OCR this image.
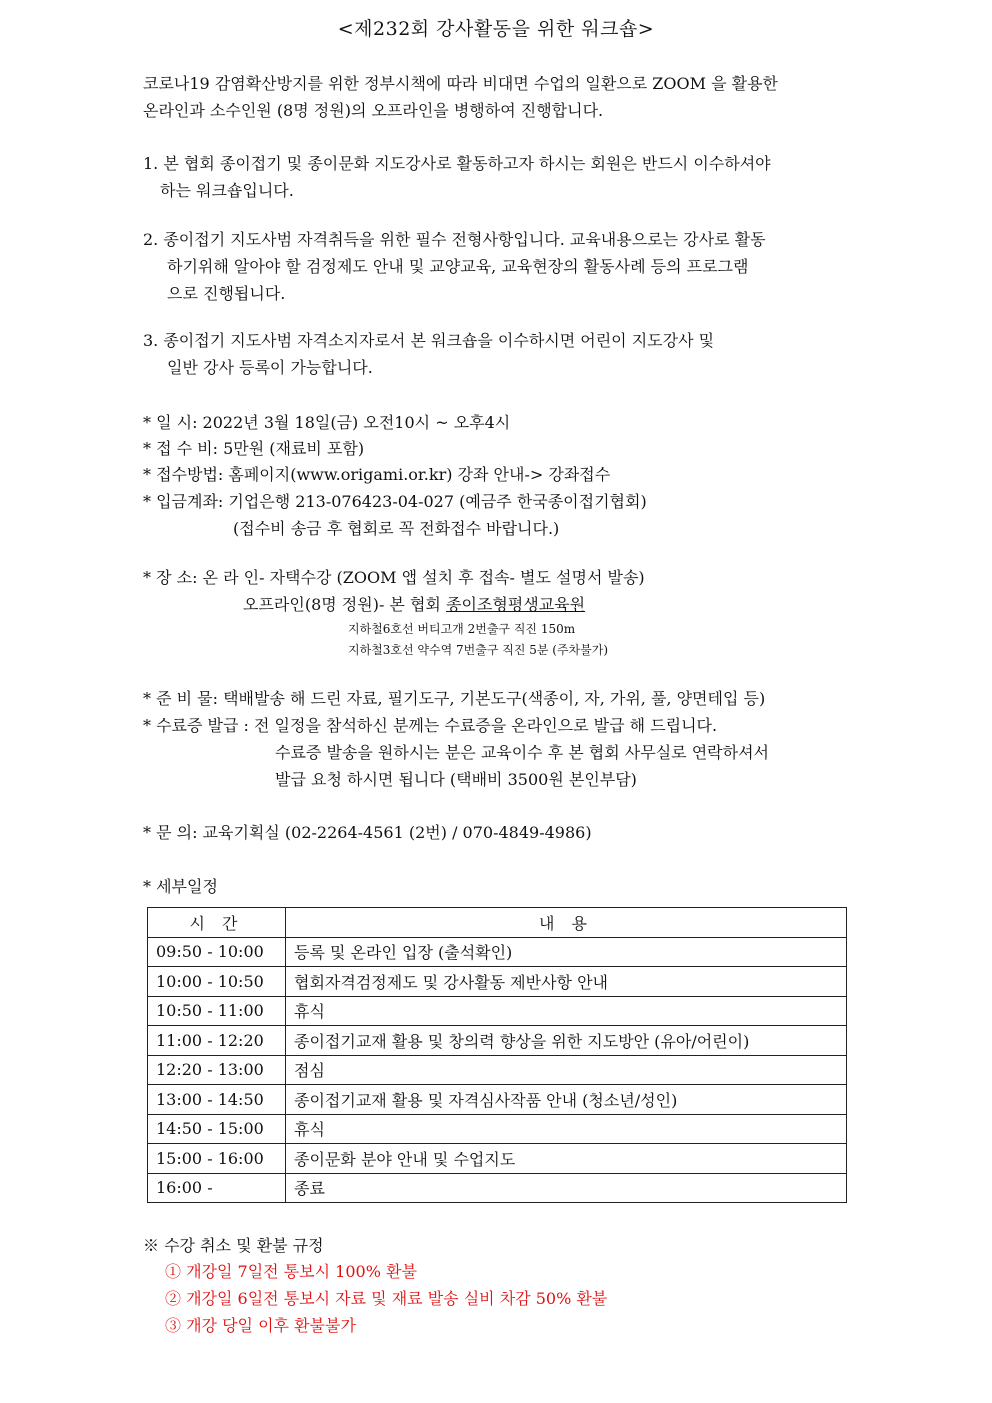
<제232회 강사활동을 위한 워크숍>
코로나19 감염확산방지를 위한 정부시책에 따라 비대면 수업의 일환으로 ZOOM 을 활용한
온라인과 소수인원 (8명 정원)의 오프라인을 병행하여 진행합니다.
1. 본 협회 종이접기 및 종이문화 지도강사로 활동하고자 하시는 회원은 반드시 이수하셔야
하는 워크숍입니다.
2. 종이접기 지도사범 자격취득을 위한 필수 전형사항입니다. 교육내용으로는 강사로 활동
하기위해 알아야 할 검정제도 안내 및 교양교육, 교육현장의 활동사례 등의 프로그램
으로 진행됩니다.
3. 종이접기 지도사범 자격소지자로서 본 워크숍을 이수하시면 어린이 지도강사 및
일반 강사 등록이 가능합니다.
* 일 시: 2022년 3월 18일(금) 오전10시 ~ 오후4시
* 접 수 비: 5만원 (재료비 포함)
* 접수방법: 홈페이지(www.origami.or.kr) 강좌 안내-> 강좌접수
* 입금계좌: 기업은행 213-076423-04-027 (예금주 한국종이접기협회)
(접수비 송금 후 협회로 꼭 전화접수 바랍니다.)
* 장 소: 온 라 인- 자택수강 (ZOOM 앱 설치 후 접속- 별도 설명서 발송)
오프라인(8명 정원)- 본 협회 종이조형평생교육원
지하철6호선 버티고개 2번출구 직진 150m
지하철3호선 약수역 7번출구 직진 5분 (주차불가)
* 준 비 물: 택배발송 해 드린 자료, 필기도구, 기본도구(색종이, 자, 가위, 풀, 양면테입 등)
* 수료증 발급 : 전 일정을 참석하신 분께는 수료증을 온라인으로 발급 해 드립니다.
수료증 발송을 원하시는 분은 교육이수 후 본 협회 사무실로 연락하셔서
발급 요청 하시면 됩니다 (택배비 3500원 본인부담)
* 문 의: 교육기획실 (02-2264-4561 (2번) / 070-4849-4986)
* 세부일정
시 간	내 용
09:50 - 10:00	등록 및 온라인 입장 (출석확인)
10:00 - 10:50	협회자격검정제도 및 강사활동 제반사항 안내
10:50 - 11:00	휴식
11:00 - 12:20	종이접기교재 활용 및 창의력 향상을 위한 지도방안 (유아/어린이)
12:20 - 13:00	점심
13:00 - 14:50	종이접기교재 활용 및 자격심사작품 안내 (청소년/성인)
14:50 - 15:00	휴식
15:00 - 16:00	종이문화 분야 안내 및 수업지도
16:00 -	종료
※ 수강 취소 및 환불 규정
① 개강일 7일전 통보시 100% 환불
② 개강일 6일전 통보시 자료 및 재료 발송 실비 차감 50% 환불
③ 개강 당일 이후 환불불가
